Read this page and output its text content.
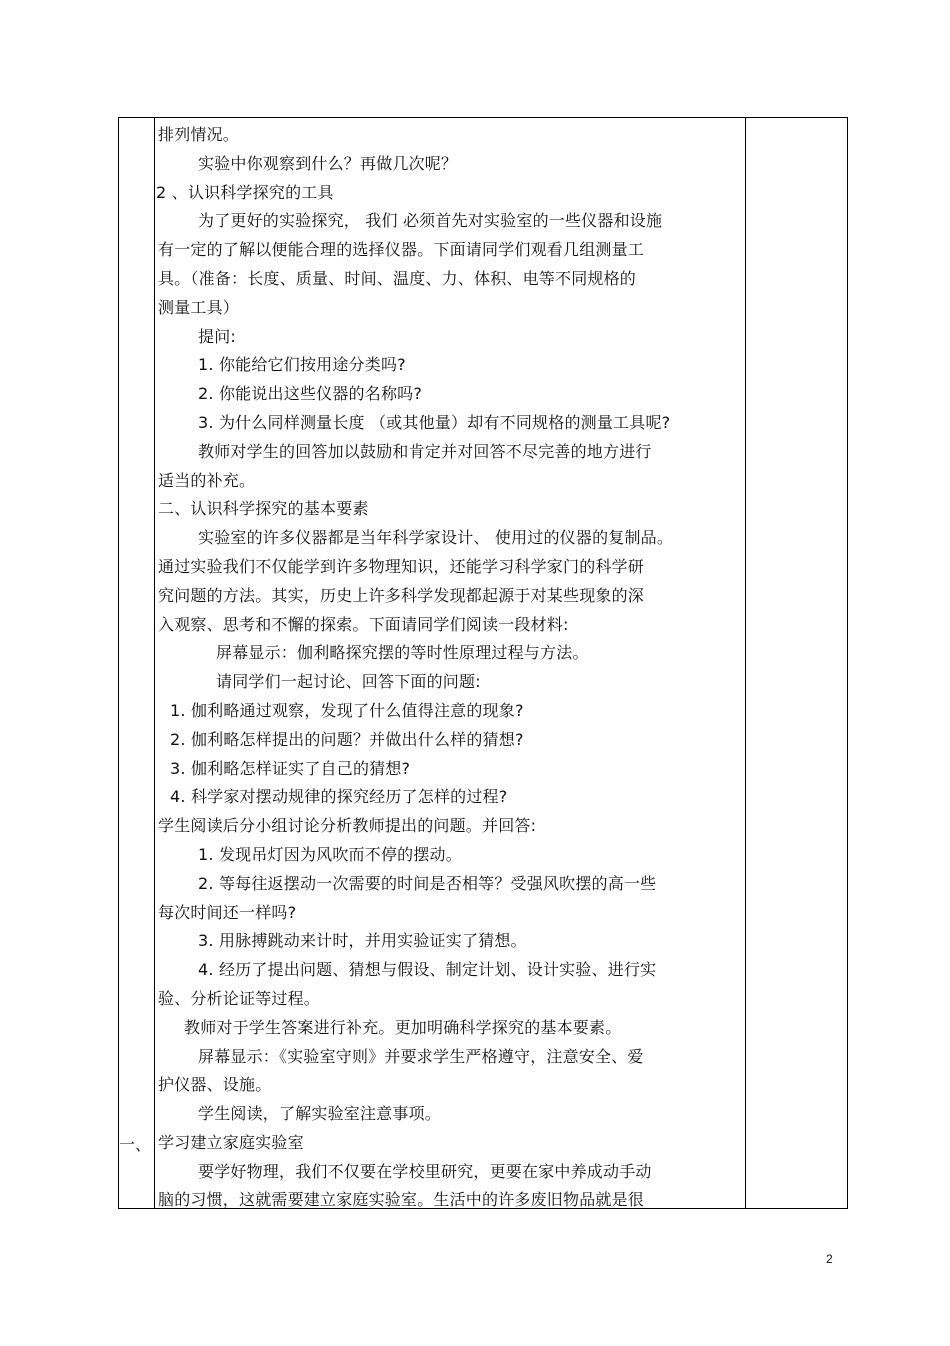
一、
排列情况。
实验中你观察到什么？再做几次呢？
2 、认识科学探究的工具
为了更好的实验探究， 我们 必须首先对实验室的一些仪器和设施
有一定的了解以便能合理的选择仪器。下面请同学们观看几组测量工
具。（准备：长度、质量、时间、温度、力、体积、电等不同规格的
测量工具）
提问:
1. 你能给它们按用途分类吗?
2. 你能说出这些仪器的名称吗?
3. 为什么同样测量长度 （或其他量）却有不同规格的测量工具呢?
教师对学生的回答加以鼓励和肯定并对回答不尽完善的地方进行
适当的补充。
二、认识科学探究的基本要素
实验室的许多仪器都是当年科学家设计、 使用过的仪器的复制品。
通过实验我们不仅能学到许多物理知识，还能学习科学家门的科学研
究问题的方法。其实，历史上许多科学发现都起源于对某些现象的深
入观察、思考和不懈的探索。下面请同学们阅读一段材料:
屏幕显示：伽利略探究摆的等时性原理过程与方法。
请同学们一起讨论、回答下面的问题:
1. 伽利略通过观察，发现了什么值得注意的现象?
2. 伽利略怎样提出的问题？并做出什么样的猜想?
3. 伽利略怎样证实了自己的猜想?
4. 科学家对摆动规律的探究经历了怎样的过程?
学生阅读后分小组讨论分析教师提出的问题。并回答:
1. 发现吊灯因为风吹而不停的摆动。
2. 等每往返摆动一次需要的时间是否相等？受强风吹摆的高一些
每次时间还一样吗?
3. 用脉搏跳动来计时，并用实验证实了猜想。
4. 经历了提出问题、猜想与假设、制定计划、设计实验、进行实
验、分析论证等过程。
教师对于学生答案进行补充。更加明确科学探究的基本要素。
屏幕显示：《实验室守则》并要求学生严格遵守，注意安全、爱
护仪器、设施。
学生阅读，了解实验室注意事项。
学习建立家庭实验室
要学好物理，我们不仅要在学校里研究，更要在家中养成动手动
脑的习惯，这就需要建立家庭实验室。生活中的许多废旧物品就是很
2
